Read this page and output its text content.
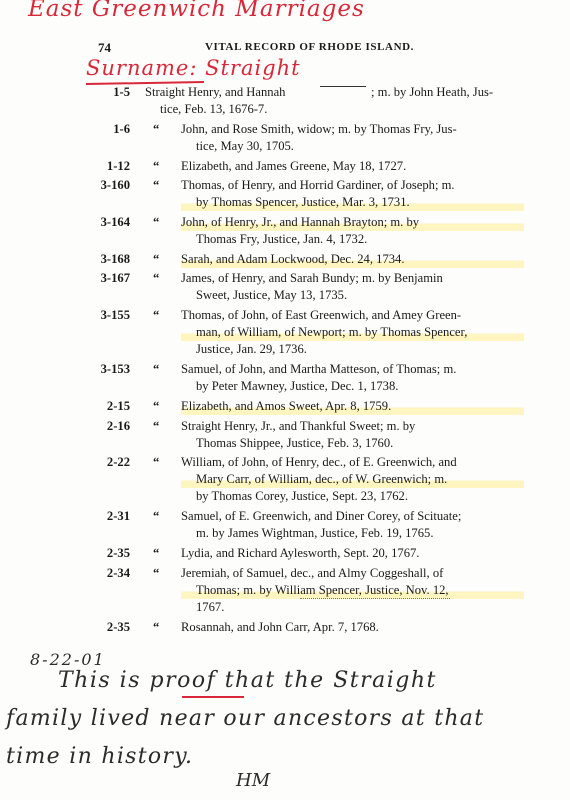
East Greenwich Marriages
74	VITAL RECORD OF RHODE ISLAND.
Surname: Straight
1-5 Straight Henry, and Hannah	; m. by John Heath, Jus-
tice, Feb. 13, 1676-7.
1-6 “ John, and Rose Smith, widow; m. by Thomas Fry, Jus-
tice, May 30, 1705.
1-12 “ Elizabeth, and James Greene, May 18, 1727.
3-160 “ Thomas, of Henry, and Horrid Gardiner, of Joseph; m.
by Thomas Spencer, Justice, Mar. 3, 1731.
3-164 “ John, of Henry, Jr., and Hannah Brayton; m. by
Thomas Fry, Justice, Jan. 4, 1732.
3-168 “ Sarah, and Adam Lockwood, Dec. 24, 1734.
3-167 “ James, of Henry, and Sarah Bundy; m. by Benjamin
Sweet, Justice, May 13, 1735.
3-155 “ Thomas, of John, of East Greenwich, and Amey Green-
man, of William, of Newport; m. by Thomas Spencer,
Justice, Jan. 29, 1736.
3-153 “ Samuel, of John, and Martha Matteson, of Thomas; m.
by Peter Mawney, Justice, Dec. 1, 1738.
2-15 “ Elizabeth, and Amos Sweet, Apr. 8, 1759.
2-16 “ Straight Henry, Jr., and Thankful Sweet; m. by
Thomas Shippee, Justice, Feb. 3, 1760.
2-22 “ William, of John, of Henry, dec., of E. Greenwich, and
Mary Carr, of William, dec., of W. Greenwich; m.
by Thomas Corey, Justice, Sept. 23, 1762.
2-31 “ Samuel, of E. Greenwich, and Diner Corey, of Scituate;
m. by James Wightman, Justice, Feb. 19, 1765.
2-35 “ Lydia, and Richard Aylesworth, Sept. 20, 1767.
2-34 “ Jeremiah, of Samuel, dec., and Almy Coggeshall, of
Thomas; m. by William Spencer, Justice, Nov. 12,
1767.
2-35 “ Rosannah, and John Carr, Apr. 7, 1768.
8-22-01
This is proof that the Straight
family lived near our ancestors at that
time in history.
HM
